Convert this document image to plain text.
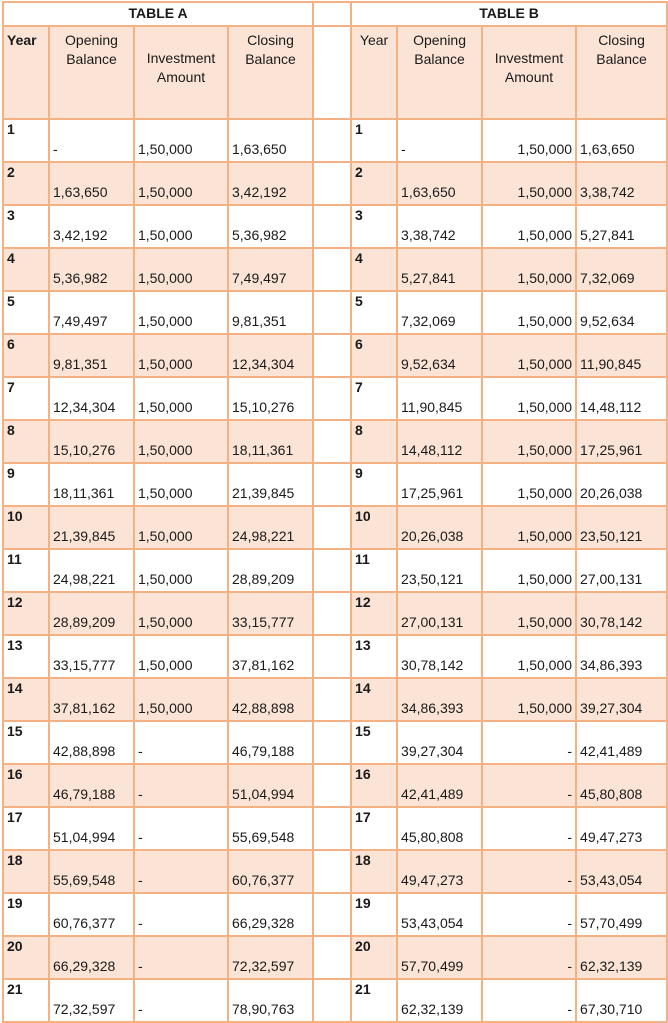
TABLE A					TABLE B			
Year	Opening Balance	Investment Amount	Closing Balance		Year	Opening Balance	Investment Amount	Closing Balance
1	-	1,50,000	1,63,650		1	-	1,50,000	1,63,650
2	1,63,650	1,50,000	3,42,192		2	1,63,650	1,50,000	3,38,742
3	3,42,192	1,50,000	5,36,982		3	3,38,742	1,50,000	5,27,841
4	5,36,982	1,50,000	7,49,497		4	5,27,841	1,50,000	7,32,069
5	7,49,497	1,50,000	9,81,351		5	7,32,069	1,50,000	9,52,634
6	9,81,351	1,50,000	12,34,304		6	9,52,634	1,50,000	11,90,845
7	12,34,304	1,50,000	15,10,276		7	11,90,845	1,50,000	14,48,112
8	15,10,276	1,50,000	18,11,361		8	14,48,112	1,50,000	17,25,961
9	18,11,361	1,50,000	21,39,845		9	17,25,961	1,50,000	20,26,038
10	21,39,845	1,50,000	24,98,221		10	20,26,038	1,50,000	23,50,121
11	24,98,221	1,50,000	28,89,209		11	23,50,121	1,50,000	27,00,131
12	28,89,209	1,50,000	33,15,777		12	27,00,131	1,50,000	30,78,142
13	33,15,777	1,50,000	37,81,162		13	30,78,142	1,50,000	34,86,393
14	37,81,162	1,50,000	42,88,898		14	34,86,393	1,50,000	39,27,304
15	42,88,898	-	46,79,188		15	39,27,304	-	42,41,489
16	46,79,188	-	51,04,994		16	42,41,489	-	45,80,808
17	51,04,994	-	55,69,548		17	45,80,808	-	49,47,273
18	55,69,548	-	60,76,377		18	49,47,273	-	53,43,054
19	60,76,377	-	66,29,328		19	53,43,054	-	57,70,499
20	66,29,328	-	72,32,597		20	57,70,499	-	62,32,139
21	72,32,597	-	78,90,763		21	62,32,139	-	67,30,710
